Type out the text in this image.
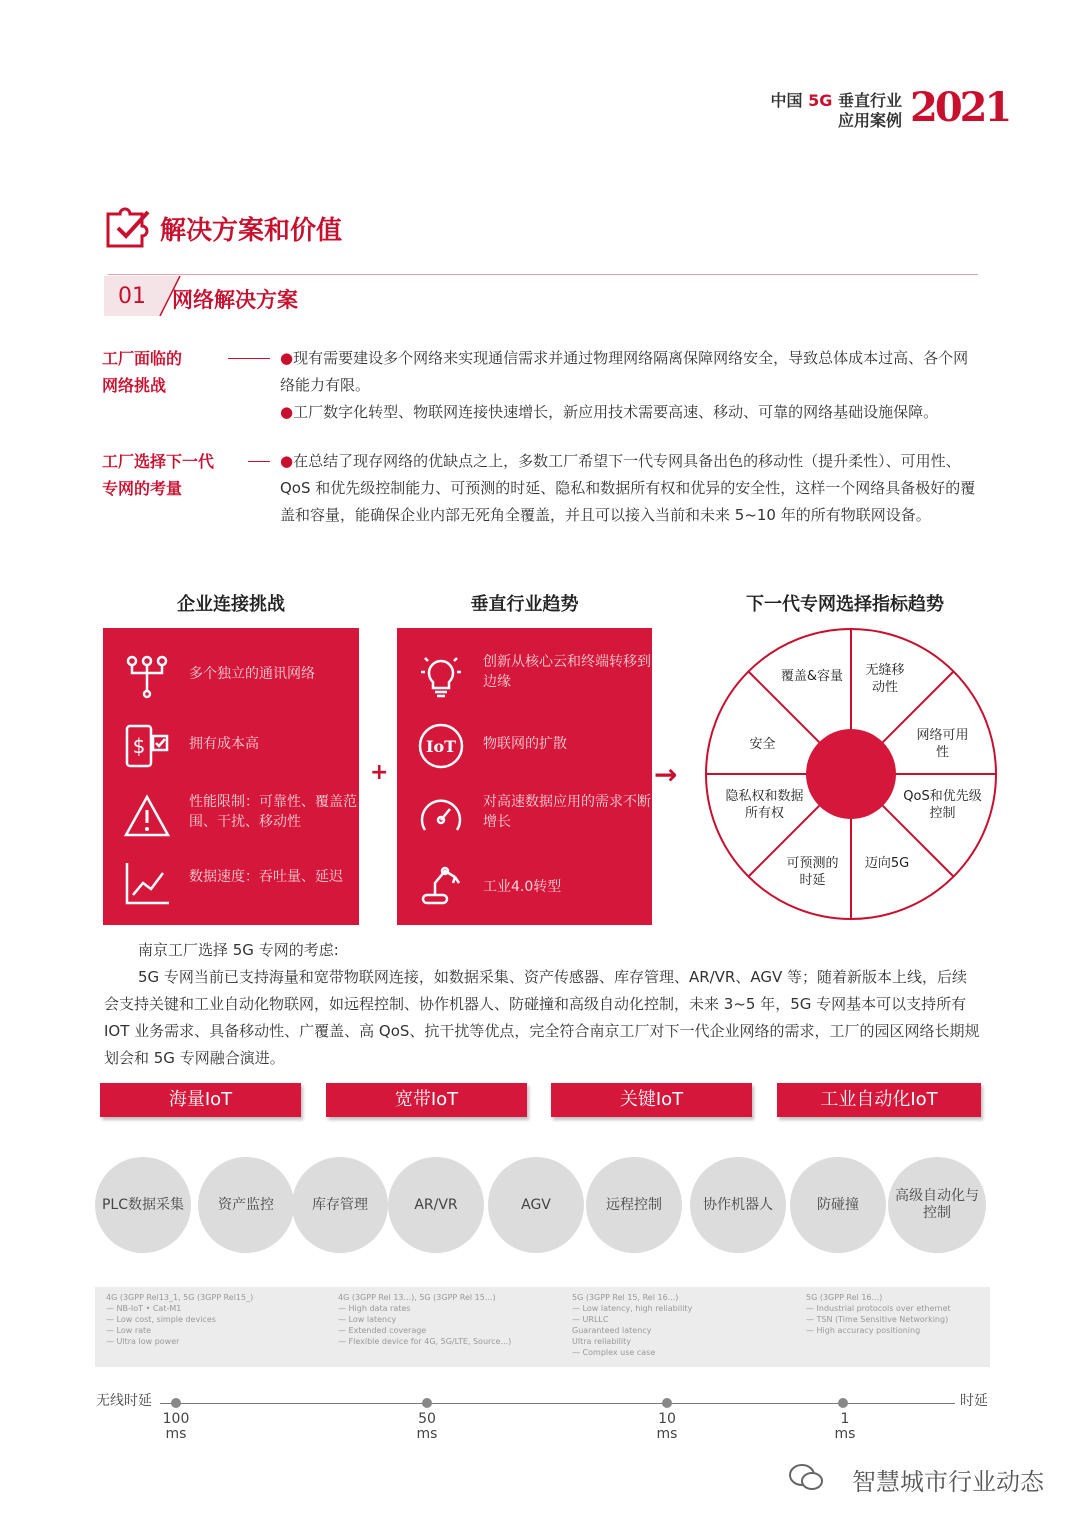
中国 5G 垂直行业
应用案例 2021
解决方案和价值
01 网络解决方案
工厂面临的
网络挑战
●现有需要建设多个网络来实现通信需求并通过物理网络隔离保障网络安全，导致总体成本过高、各个网络能力有限。
●工厂数字化转型、物联网连接快速增长，新应用技术需要高速、移动、可靠的网络基础设施保障。
工厂选择下一代
专网的考量
●在总结了现存网络的优缺点之上，多数工厂希望下一代专网具备出色的移动性（提升柔性）、可用性、QoS 和优先级控制能力、可预测的时延、隐私和数据所有权和优异的安全性，这样一个网络具备极好的覆盖和容量，能确保企业内部无死角全覆盖，并且可以接入当前和未来 5~10 年的所有物联网设备。
企业连接挑战	垂直行业趋势	下一代专网选择指标趋势
多个独立的通讯网络
$	拥有成本高
性能限制：可靠性、覆盖范围、干扰、移动性
数据速度：吞吐量、延迟
+
创新从核心云和终端转移到边缘
IoT 物联网的扩散
对高速数据应用的需求不断增长
工业4.0转型
→
覆盖&容量	无缝移动性
网络可用性
QoS和优先级控制
迈向5G
可预测的时延
隐私权和数据所有权
安全
南京工厂选择 5G 专网的考虑:
5G 专网当前已支持海量和宽带物联网连接，如数据采集、资产传感器、库存管理、AR/VR、AGV 等；随着新版本上线，后续会支持关键和工业自动化物联网，如远程控制、协作机器人、防碰撞和高级自动化控制，未来 3~5 年，5G 专网基本可以支持所有 IOT 业务需求、具备移动性、广覆盖、高 QoS、抗干扰等优点，完全符合南京工厂对下一代企业网络的需求，工厂的园区网络长期规划会和 5G 专网融合演进。
海量IoT	宽带IoT	关键IoT	工业自动化IoT
PLC数据采集	资产监控	库存管理	AR/VR	AGV	远程控制	协作机器人	防碰撞
高级自动化与控制
4G (3GPP Rel13_1, 5G (3GPP Rel15_)
— NB-IoT • Cat-M1
— Low cost, simple devices
— Low rate
— Ultra low power
4G (3GPP Rel 13...), 5G (3GPP Rel 15...)
— High data rates
— Low latency
— Extended coverage
— Flexible device for 4G, 5G/LTE, Source...)
5G (3GPP Rel 15, Rel 16...)
— Low latency, high reliability
— URLLC
Guaranteed latency
Ultra reliability
— Complex use case
5G (3GPP Rel 16...)
— Industrial protocols over ethernet
— TSN (Time Sensitive Networking)
— High accuracy positioning
无线时延	时延
100
ms
50
ms
10
ms
1
ms
智慧城市行业动态
